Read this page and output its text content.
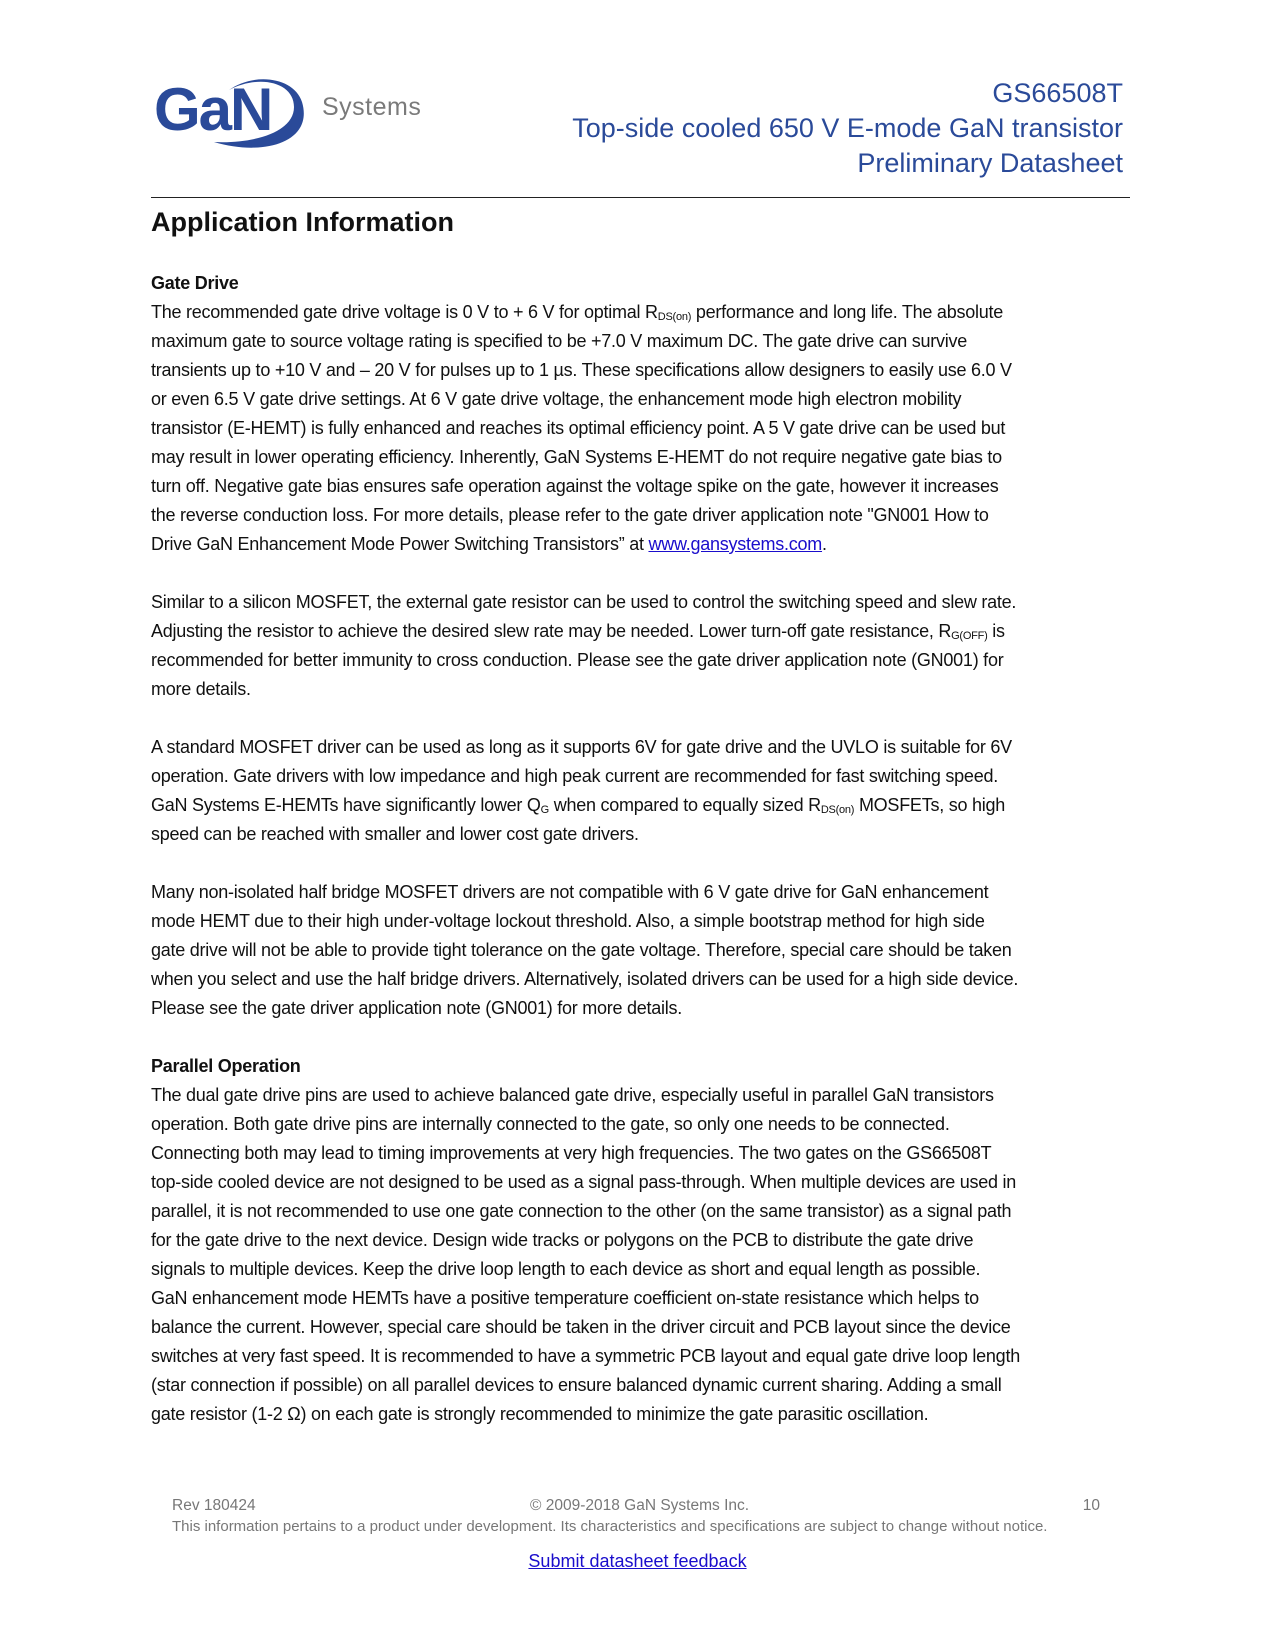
GaN Systems	GS66508T
Top-side cooled 650 V E-mode GaN transistor
Preliminary Datasheet
Application Information
Gate Drive
The recommended gate drive voltage is 0 V to + 6 V for optimal $R_{DS(on)}$ performance and long life. The absolute
maximum gate to source voltage rating is specified to be +7.0 V maximum DC. The gate drive can survive
transients up to +10 V and – 20 V for pulses up to 1 µs. These specifications allow designers to easily use 6.0 V
or even 6.5 V gate drive settings. At 6 V gate drive voltage, the enhancement mode high electron mobility
transistor (E-HEMT) is fully enhanced and reaches its optimal efficiency point. A 5 V gate drive can be used but
may result in lower operating efficiency. Inherently, GaN Systems E-HEMT do not require negative gate bias to
turn off. Negative gate bias ensures safe operation against the voltage spike on the gate, however it increases
the reverse conduction loss. For more details, please refer to the gate driver application note "GN001 How to
Drive GaN Enhancement Mode Power Switching Transistors” at www.gansystems.com.
Similar to a silicon MOSFET, the external gate resistor can be used to control the switching speed and slew rate.
Adjusting the resistor to achieve the desired slew rate may be needed. Lower turn-off gate resistance, $R_{G(OFF)}$ is
recommended for better immunity to cross conduction. Please see the gate driver application note (GN001) for
more details.
A standard MOSFET driver can be used as long as it supports 6V for gate drive and the UVLO is suitable for 6V
operation. Gate drivers with low impedance and high peak current are recommended for fast switching speed.
GaN Systems E-HEMTs have significantly lower $Q_G$ when compared to equally sized $R_{DS(on)}$ MOSFETs, so high
speed can be reached with smaller and lower cost gate drivers.
Many non-isolated half bridge MOSFET drivers are not compatible with 6 V gate drive for GaN enhancement
mode HEMT due to their high under-voltage lockout threshold. Also, a simple bootstrap method for high side
gate drive will not be able to provide tight tolerance on the gate voltage. Therefore, special care should be taken
when you select and use the half bridge drivers. Alternatively, isolated drivers can be used for a high side device.
Please see the gate driver application note (GN001) for more details.
Parallel Operation
The dual gate drive pins are used to achieve balanced gate drive, especially useful in parallel GaN transistors
operation. Both gate drive pins are internally connected to the gate, so only one needs to be connected.
Connecting both may lead to timing improvements at very high frequencies. The two gates on the GS66508T
top-side cooled device are not designed to be used as a signal pass-through. When multiple devices are used in
parallel, it is not recommended to use one gate connection to the other (on the same transistor) as a signal path
for the gate drive to the next device. Design wide tracks or polygons on the PCB to distribute the gate drive
signals to multiple devices. Keep the drive loop length to each device as short and equal length as possible.
GaN enhancement mode HEMTs have a positive temperature coefficient on-state resistance which helps to
balance the current. However, special care should be taken in the driver circuit and PCB layout since the device
switches at very fast speed. It is recommended to have a symmetric PCB layout and equal gate drive loop length
(star connection if possible) on all parallel devices to ensure balanced dynamic current sharing. Adding a small
gate resistor (1-2 Ω) on each gate is strongly recommended to minimize the gate parasitic oscillation.
Rev 180424	© 2009-2018 GaN Systems Inc.	10
This information pertains to a product under development. Its characteristics and specifications are subject to change without notice.
Submit datasheet feedback
